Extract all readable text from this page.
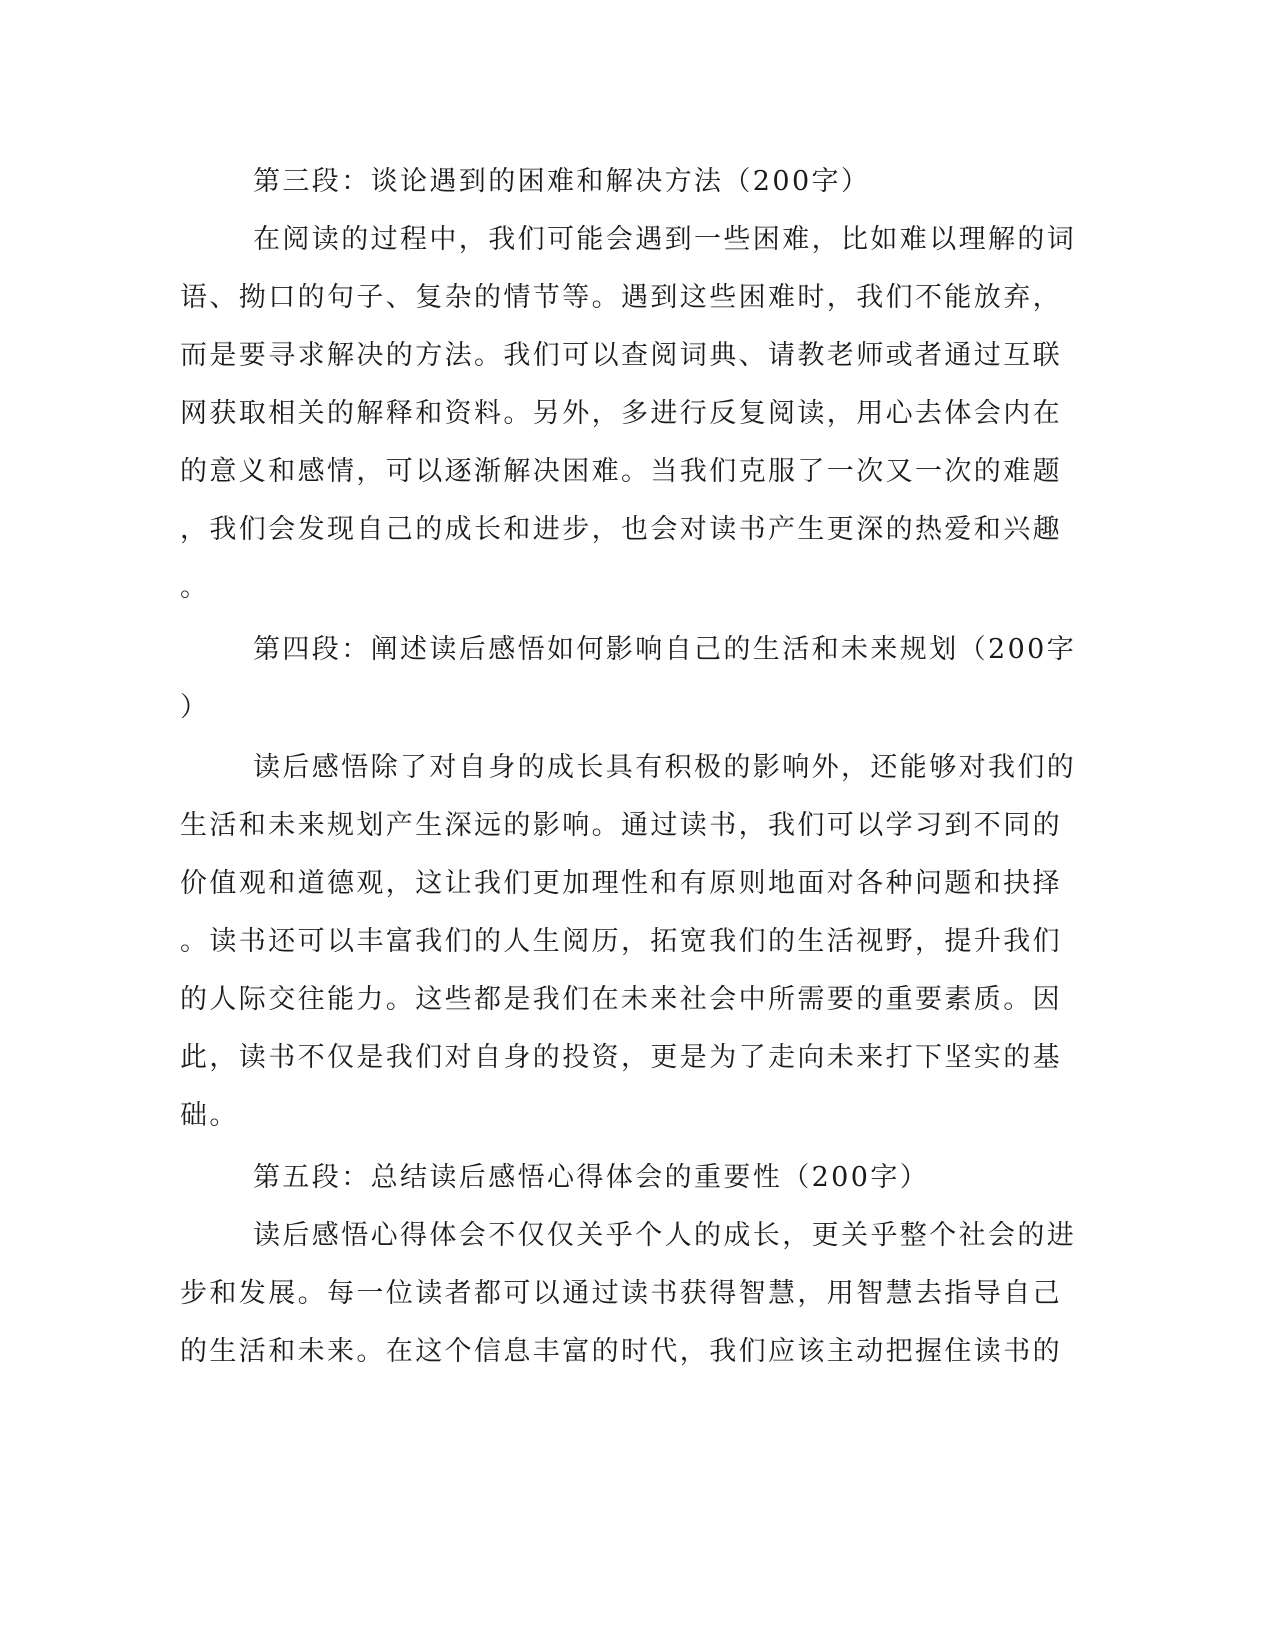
第三段：谈论遇到的困难和解决方法（200字）
在阅读的过程中，我们可能会遇到一些困难，比如难以理解的词
语、拗口的句子、复杂的情节等。遇到这些困难时，我们不能放弃，
而是要寻求解决的方法。我们可以查阅词典、请教老师或者通过互联
网获取相关的解释和资料。另外，多进行反复阅读，用心去体会内在
的意义和感情，可以逐渐解决困难。当我们克服了一次又一次的难题
，我们会发现自己的成长和进步，也会对读书产生更深的热爱和兴趣
。
第四段：阐述读后感悟如何影响自己的生活和未来规划（200字
）
读后感悟除了对自身的成长具有积极的影响外，还能够对我们的
生活和未来规划产生深远的影响。通过读书，我们可以学习到不同的
价值观和道德观，这让我们更加理性和有原则地面对各种问题和抉择
。读书还可以丰富我们的人生阅历，拓宽我们的生活视野，提升我们
的人际交往能力。这些都是我们在未来社会中所需要的重要素质。因
此，读书不仅是我们对自身的投资，更是为了走向未来打下坚实的基
础。
第五段：总结读后感悟心得体会的重要性（200字）
读后感悟心得体会不仅仅关乎个人的成长，更关乎整个社会的进
步和发展。每一位读者都可以通过读书获得智慧，用智慧去指导自己
的生活和未来。在这个信息丰富的时代，我们应该主动把握住读书的
